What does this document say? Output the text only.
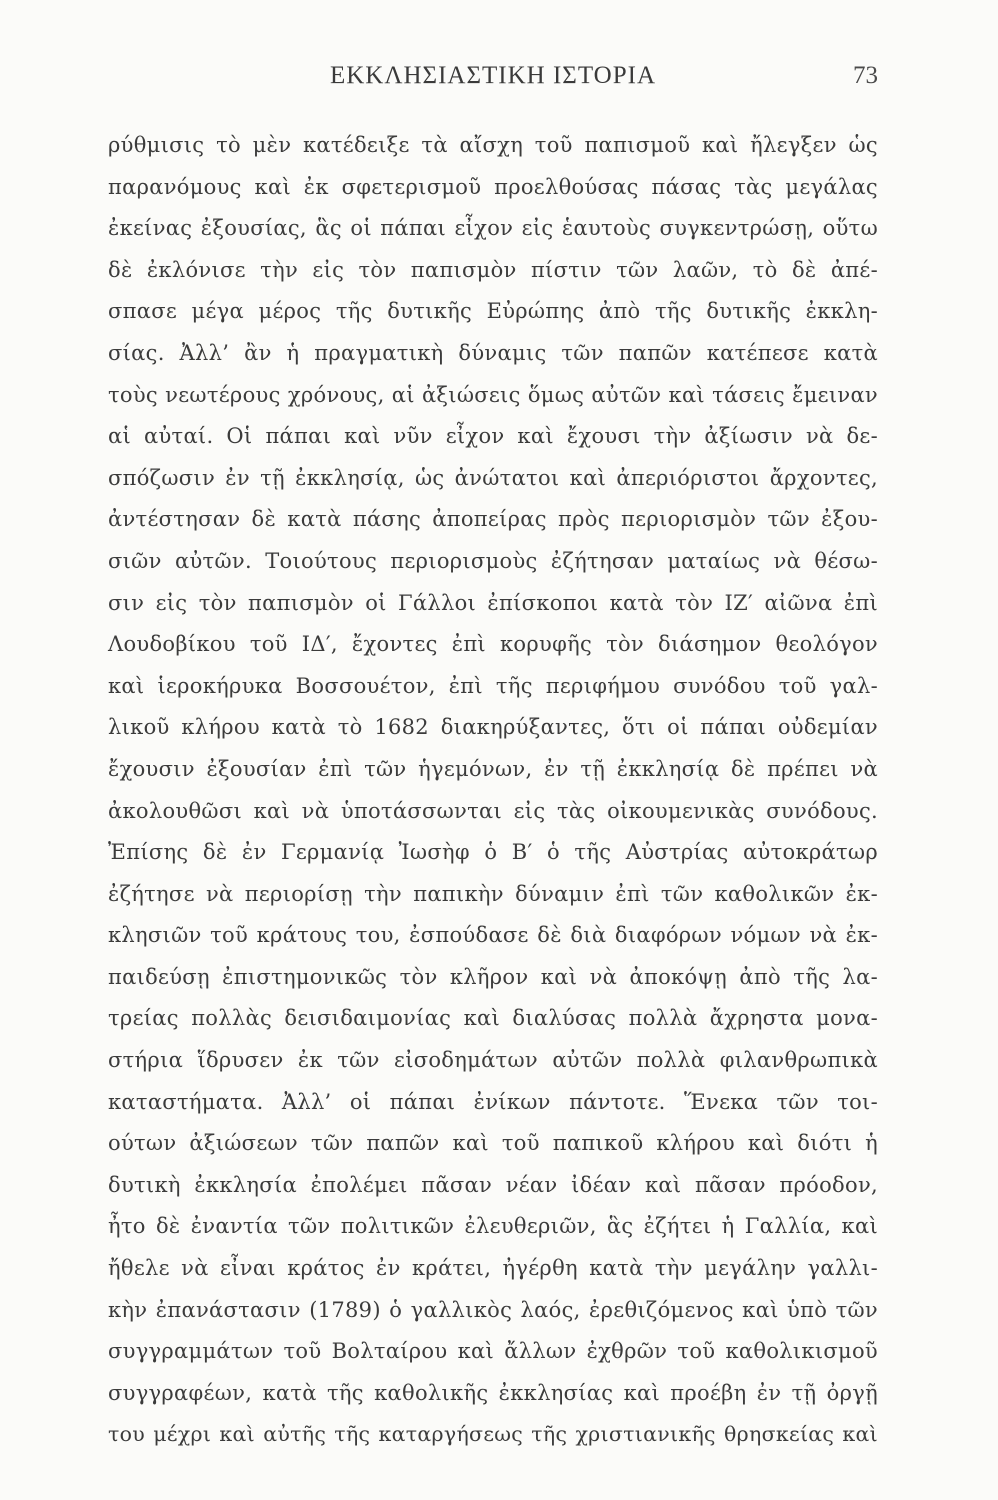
ΕΚΚΛΗΣΙΑΣΤΙΚΗ ΙΣΤΟΡΙΑ	73
ρύθμισις τὸ μὲν κατέδειξε τὰ αἴσχη τοῦ παπισμοῦ καὶ ἤλεγξεν ὡς
παρανόμους καὶ ἐκ σφετερισμοῦ προελθούσας πάσας τὰς μεγάλας
ἐκείνας ἐξουσίας, ἃς οἱ πάπαι εἶχον εἰς ἑαυτοὺς συγκεντρώσῃ, οὕτω
δὲ ἐκλόνισε τὴν εἰς τὸν παπισμὸν πίστιν τῶν λαῶν, τὸ δὲ ἀπέ-
σπασε μέγα μέρος τῆς δυτικῆς Εὐρώπης ἀπὸ τῆς δυτικῆς ἐκκλη-
σίας. Ἀλλ’ ἂν ἡ πραγματικὴ δύναμις τῶν παπῶν κατέπεσε κατὰ
τοὺς νεωτέρους χρόνους, αἱ ἀξιώσεις ὅμως αὐτῶν καὶ τάσεις ἔμειναν
αἱ αὐταί. Οἱ πάπαι καὶ νῦν εἶχον καὶ ἔχουσι τὴν ἀξίωσιν νὰ δε-
σπόζωσιν ἐν τῇ ἐκκλησίᾳ, ὡς ἀνώτατοι καὶ ἀπεριόριστοι ἄρχοντες,
ἀντέστησαν δὲ κατὰ πάσης ἀποπείρας πρὸς περιορισμὸν τῶν ἐξου-
σιῶν αὐτῶν. Τοιούτους περιορισμοὺς ἐζήτησαν ματαίως νὰ θέσω-
σιν εἰς τὸν παπισμὸν οἱ Γάλλοι ἐπίσκοποι κατὰ τὸν ΙΖ′ αἰῶνα ἐπὶ
Λουδοβίκου τοῦ ΙΔ′, ἔχοντες ἐπὶ κορυφῆς τὸν διάσημον θεολόγον
καὶ ἱεροκήρυκα Βοσσουέτον, ἐπὶ τῆς περιφήμου συνόδου τοῦ γαλ-
λικοῦ κλήρου κατὰ τὸ 1682 διακηρύξαντες, ὅτι οἱ πάπαι οὐδεμίαν
ἔχουσιν ἐξουσίαν ἐπὶ τῶν ἡγεμόνων, ἐν τῇ ἐκκλησίᾳ δὲ πρέπει νὰ
ἀκολουθῶσι καὶ νὰ ὑποτάσσωνται εἰς τὰς οἰκουμενικὰς συνόδους.
Ἐπίσης δὲ ἐν Γερμανίᾳ Ἰωσὴφ ὁ Β′ ὁ τῆς Αὐστρίας αὐτοκράτωρ
ἐζήτησε νὰ περιορίσῃ τὴν παπικὴν δύναμιν ἐπὶ τῶν καθολικῶν ἐκ-
κλησιῶν τοῦ κράτους του, ἐσπούδασε δὲ διὰ διαφόρων νόμων νὰ ἐκ-
παιδεύσῃ ἐπιστημονικῶς τὸν κλῆρον καὶ νὰ ἀποκόψῃ ἀπὸ τῆς λα-
τρείας πολλὰς δεισιδαιμονίας καὶ διαλύσας πολλὰ ἄχρηστα μονα-
στήρια ἵδρυσεν ἐκ τῶν εἰσοδημάτων αὐτῶν πολλὰ φιλανθρωπικὰ
καταστήματα. Ἀλλ’ οἱ πάπαι ἐνίκων πάντοτε. Ἕνεκα τῶν τοι-
ούτων ἀξιώσεων τῶν παπῶν καὶ τοῦ παπικοῦ κλήρου καὶ διότι ἡ
δυτικὴ ἐκκλησία ἐπολέμει πᾶσαν νέαν ἰδέαν καὶ πᾶσαν πρόοδον,
ἦτο δὲ ἐναντία τῶν πολιτικῶν ἐλευθεριῶν, ἃς ἐζήτει ἡ Γαλλία, καὶ
ἤθελε νὰ εἶναι κράτος ἐν κράτει, ἠγέρθη κατὰ τὴν μεγάλην γαλλι-
κὴν ἐπανάστασιν (1789) ὁ γαλλικὸς λαός, ἐρεθιζόμενος καὶ ὑπὸ τῶν
συγγραμμάτων τοῦ Βολταίρου καὶ ἄλλων ἐχθρῶν τοῦ καθολικισμοῦ
συγγραφέων, κατὰ τῆς καθολικῆς ἐκκλησίας καὶ προέβη ἐν τῇ ὀργῇ
του μέχρι καὶ αὐτῆς τῆς καταργήσεως τῆς χριστιανικῆς θρησκείας καὶ
